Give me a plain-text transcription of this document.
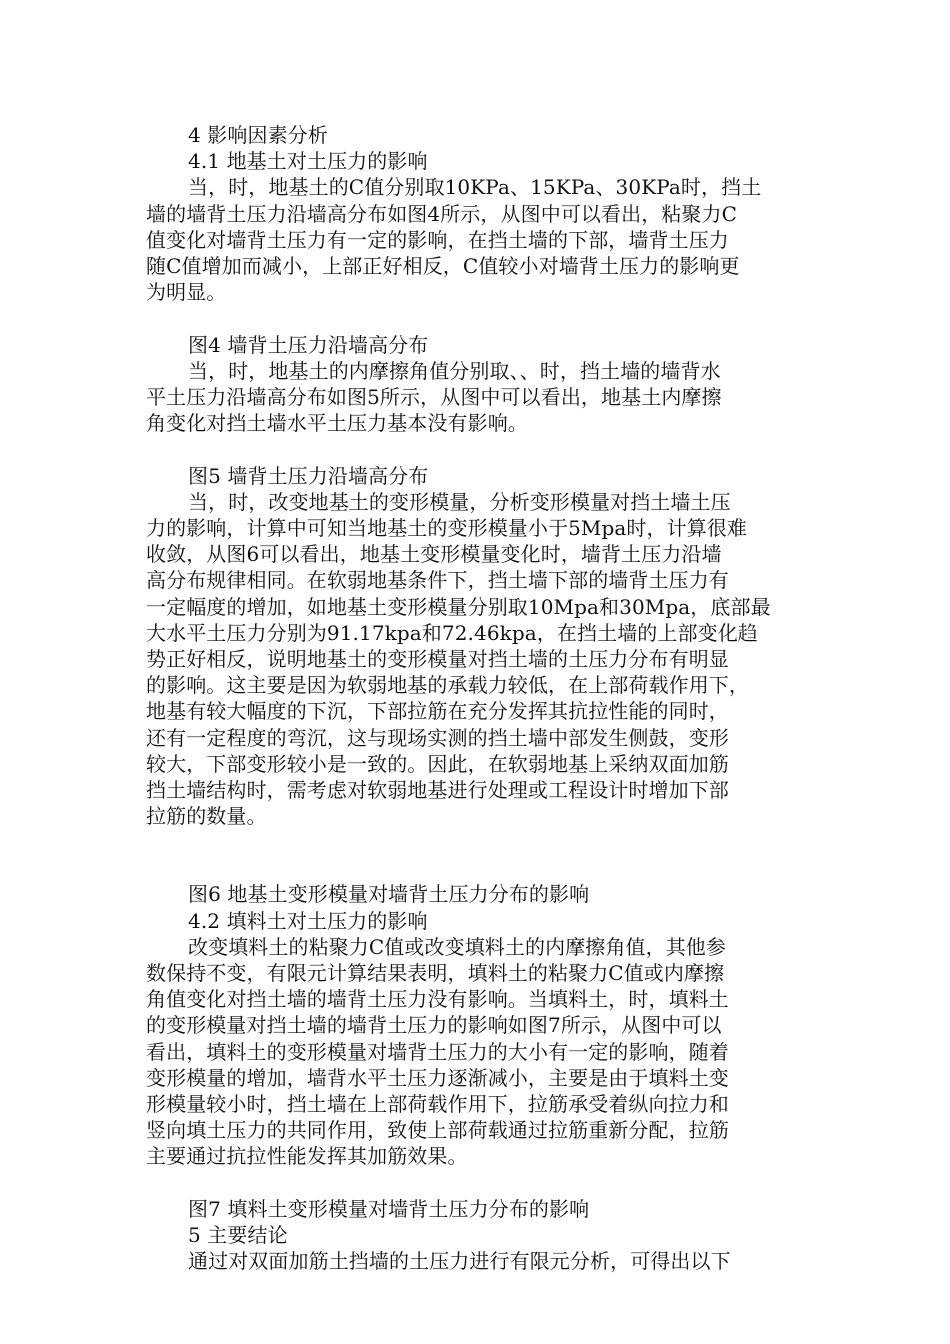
4 影响因素分析
4.1 地基土对土压力的影响
当，时，地基土的C值分别取10KPa、15KPa、30KPa时，挡土
墙的墙背土压力沿墙高分布如图4所示，从图中可以看出，粘聚力C
值变化对墙背土压力有一定的影响，在挡土墙的下部，墙背土压力
随C值增加而减小，上部正好相反，C值较小对墙背土压力的影响更
为明显。
图4 墙背土压力沿墙高分布
当，时，地基土的内摩擦角值分别取、、时，挡土墙的墙背水
平土压力沿墙高分布如图5所示，从图中可以看出，地基土内摩擦
角变化对挡土墙水平土压力基本没有影响。
图5 墙背土压力沿墙高分布
当，时，改变地基土的变形模量，分析变形模量对挡土墙土压
力的影响，计算中可知当地基土的变形模量小于5Mpa时，计算很难
收敛，从图6可以看出，地基土变形模量变化时，墙背土压力沿墙
高分布规律相同。在软弱地基条件下，挡土墙下部的墙背土压力有
一定幅度的增加，如地基土变形模量分别取10Mpa和30Mpa，底部最
大水平土压力分别为91.17kpa和72.46kpa，在挡土墙的上部变化趋
势正好相反，说明地基土的变形模量对挡土墙的土压力分布有明显
的影响。这主要是因为软弱地基的承载力较低，在上部荷载作用下，
地基有较大幅度的下沉，下部拉筋在充分发挥其抗拉性能的同时，
还有一定程度的弯沉，这与现场实测的挡土墙中部发生侧鼓，变形
较大，下部变形较小是一致的。因此，在软弱地基上采纳双面加筋
挡土墙结构时，需考虑对软弱地基进行处理或工程设计时增加下部
拉筋的数量。
图6 地基土变形模量对墙背土压力分布的影响
4.2 填料土对土压力的影响
改变填料土的粘聚力C值或改变填料土的内摩擦角值，其他参
数保持不变，有限元计算结果表明，填料土的粘聚力C值或内摩擦
角值变化对挡土墙的墙背土压力没有影响。当填料土，时，填料土
的变形模量对挡土墙的墙背土压力的影响如图7所示，从图中可以
看出，填料土的变形模量对墙背土压力的大小有一定的影响，随着
变形模量的增加，墙背水平土压力逐渐减小，主要是由于填料土变
形模量较小时，挡土墙在上部荷载作用下，拉筋承受着纵向拉力和
竖向填土压力的共同作用，致使上部荷载通过拉筋重新分配，拉筋
主要通过抗拉性能发挥其加筋效果。
图7 填料土变形模量对墙背土压力分布的影响
5 主要结论
通过对双面加筋土挡墙的土压力进行有限元分析，可得出以下
